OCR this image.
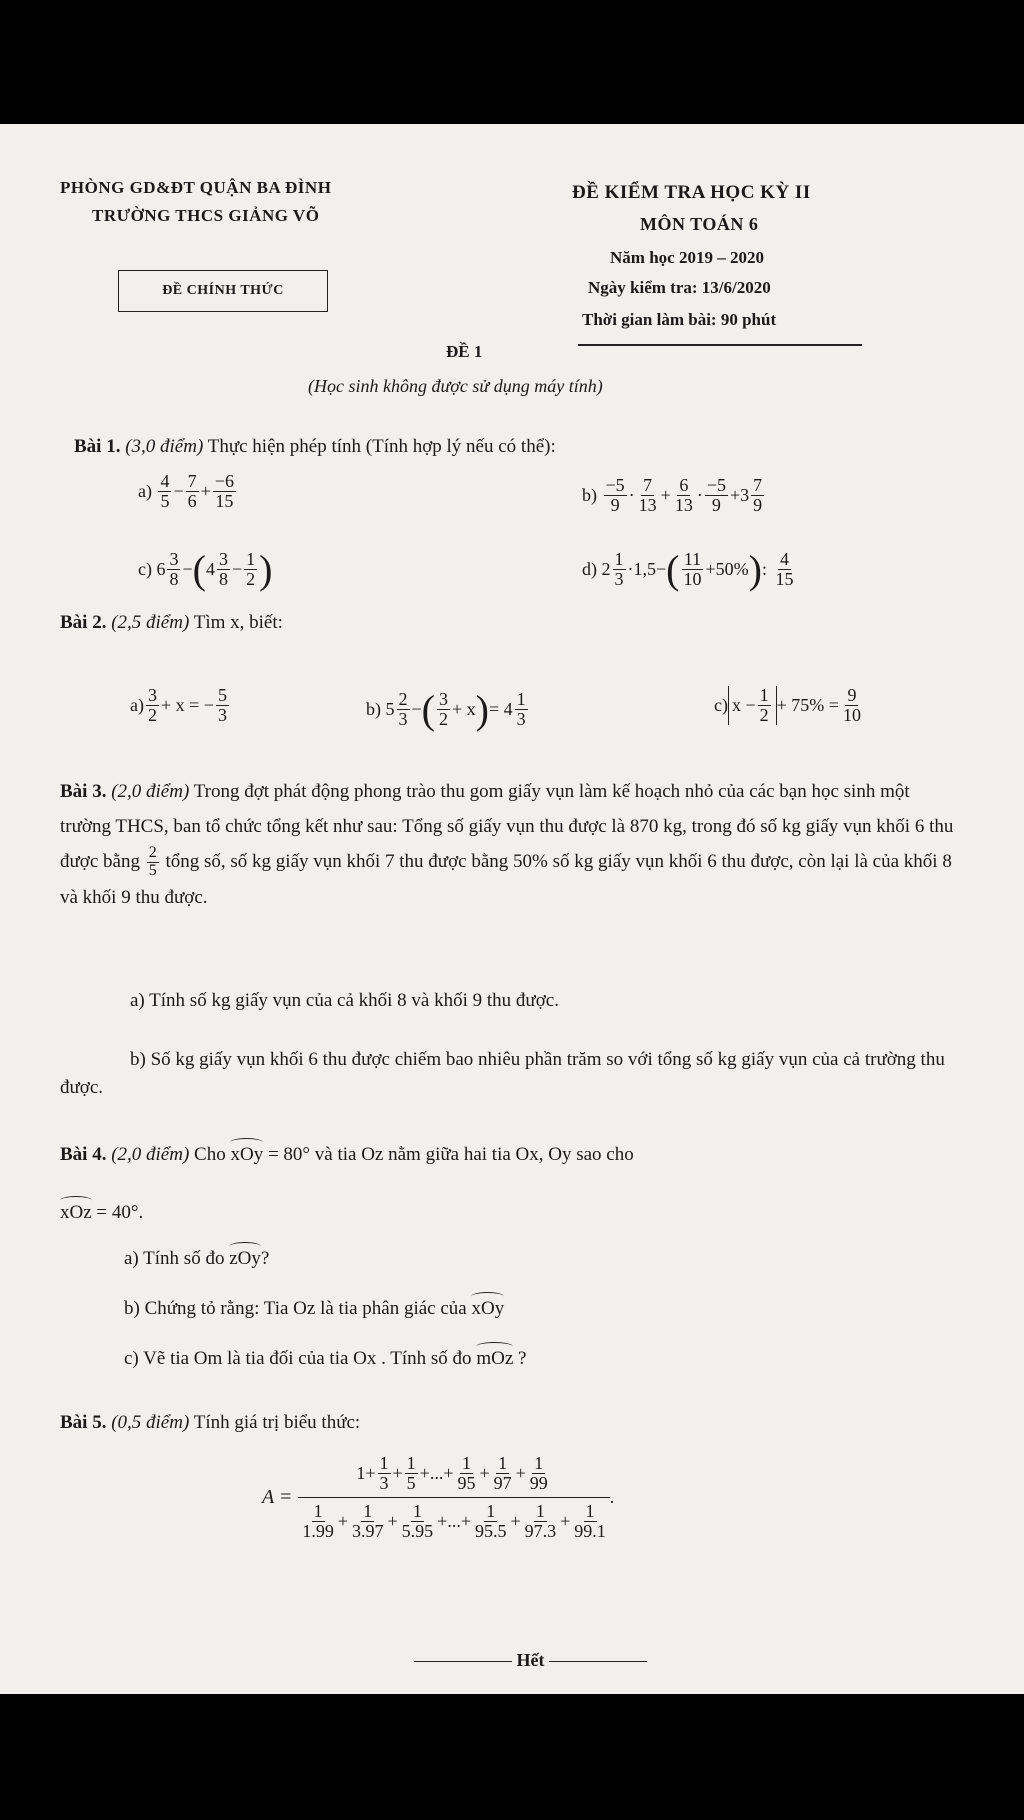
PHÒNG GD&ĐT QUẬN BA ĐÌNH
TRƯỜNG THCS GIẢNG VÕ
ĐỀ CHÍNH THỨC
ĐỀ KIỂM TRA HỌC KỲ II
MÔN TOÁN 6
Năm học 2019 – 2020
Ngày kiểm tra: 13/6/2020
Thời gian làm bài: 90 phút
ĐỀ 1
(Học sinh không được sử dụng máy tính)
Bài 1. (3,0 điểm) Thực hiện phép tính (Tính hợp lý nếu có thể):
$a) \frac{4}{5} - \frac{7}{6} + \frac{-6}{15}$	$b) \frac{-5}{9} \cdot \frac{7}{13} + \frac{6}{13} \cdot \frac{-5}{9} +3 \frac{7}{9}$
c) $6 \frac{3}{8}$ − ( $4 \frac{3}{8} - \frac{1}{2}$ )	d) $2 \frac{1}{3} \cdot 1,5-$ ( $\frac{11}{10} +50\%$ ) : $\frac{4}{15}$
Bài 2. (2,5 điểm) Tìm x, biết:
$a) \frac{3}{2} + x$ = − $\frac{5}{3}$	b) $5 \frac{2}{3}$ − ( $\frac{3}{2} + x$ ) = $4 \frac{1}{3}$	c) $x - \frac{1}{2} + 75\% = \frac{9}{10}$
Bài 3. (2,0 điểm) Trong đợt phát động phong trào thu gom giấy vụn làm kế hoạch nhỏ của các bạn học sinh một trường THCS, ban tổ chức tổng kết như sau: Tổng số giấy vụn thu được là 870 kg, trong đó số kg giấy vụn khối 6 thu được bằng $\frac{2}{5}$ tổng số, số kg giấy vụn khối 7 thu được bằng 50% số kg giấy vụn khối 6 thu được, còn lại là của khối 8 và khối 9 thu được.
a) Tính số kg giấy vụn của cả khối 8 và khối 9 thu được.
b) Số kg giấy vụn khối 6 thu được chiếm bao nhiêu phần trăm so với tổng số kg giấy vụn của cả trường thu được.
Bài 4. (2,0 điểm) Cho xOy = 80° và tia Oz nằm giữa hai tia Ox, Oy sao cho
xOz = 40°.
a) Tính số đo zOy?
b) Chứng tỏ rằng: Tia Oz là tia phân giác của xOy
c) Vẽ tia Om là tia đối của tia Ox . Tính số đo mOz ?
Bài 5. (0,5 điểm) Tính giá trị biểu thức:
A =
$1+ \frac{1}{3} + \frac{1}{5}$ +...+ $\frac{1}{95} + \frac{1}{97} + \frac{1}{99}$
$\frac{1}{1.99} + \frac{1}{3.97} + \frac{1}{5.95}$ +...+ $\frac{1}{95.5} + \frac{1}{97.3} + \frac{1}{99.1}$
.
Hết
